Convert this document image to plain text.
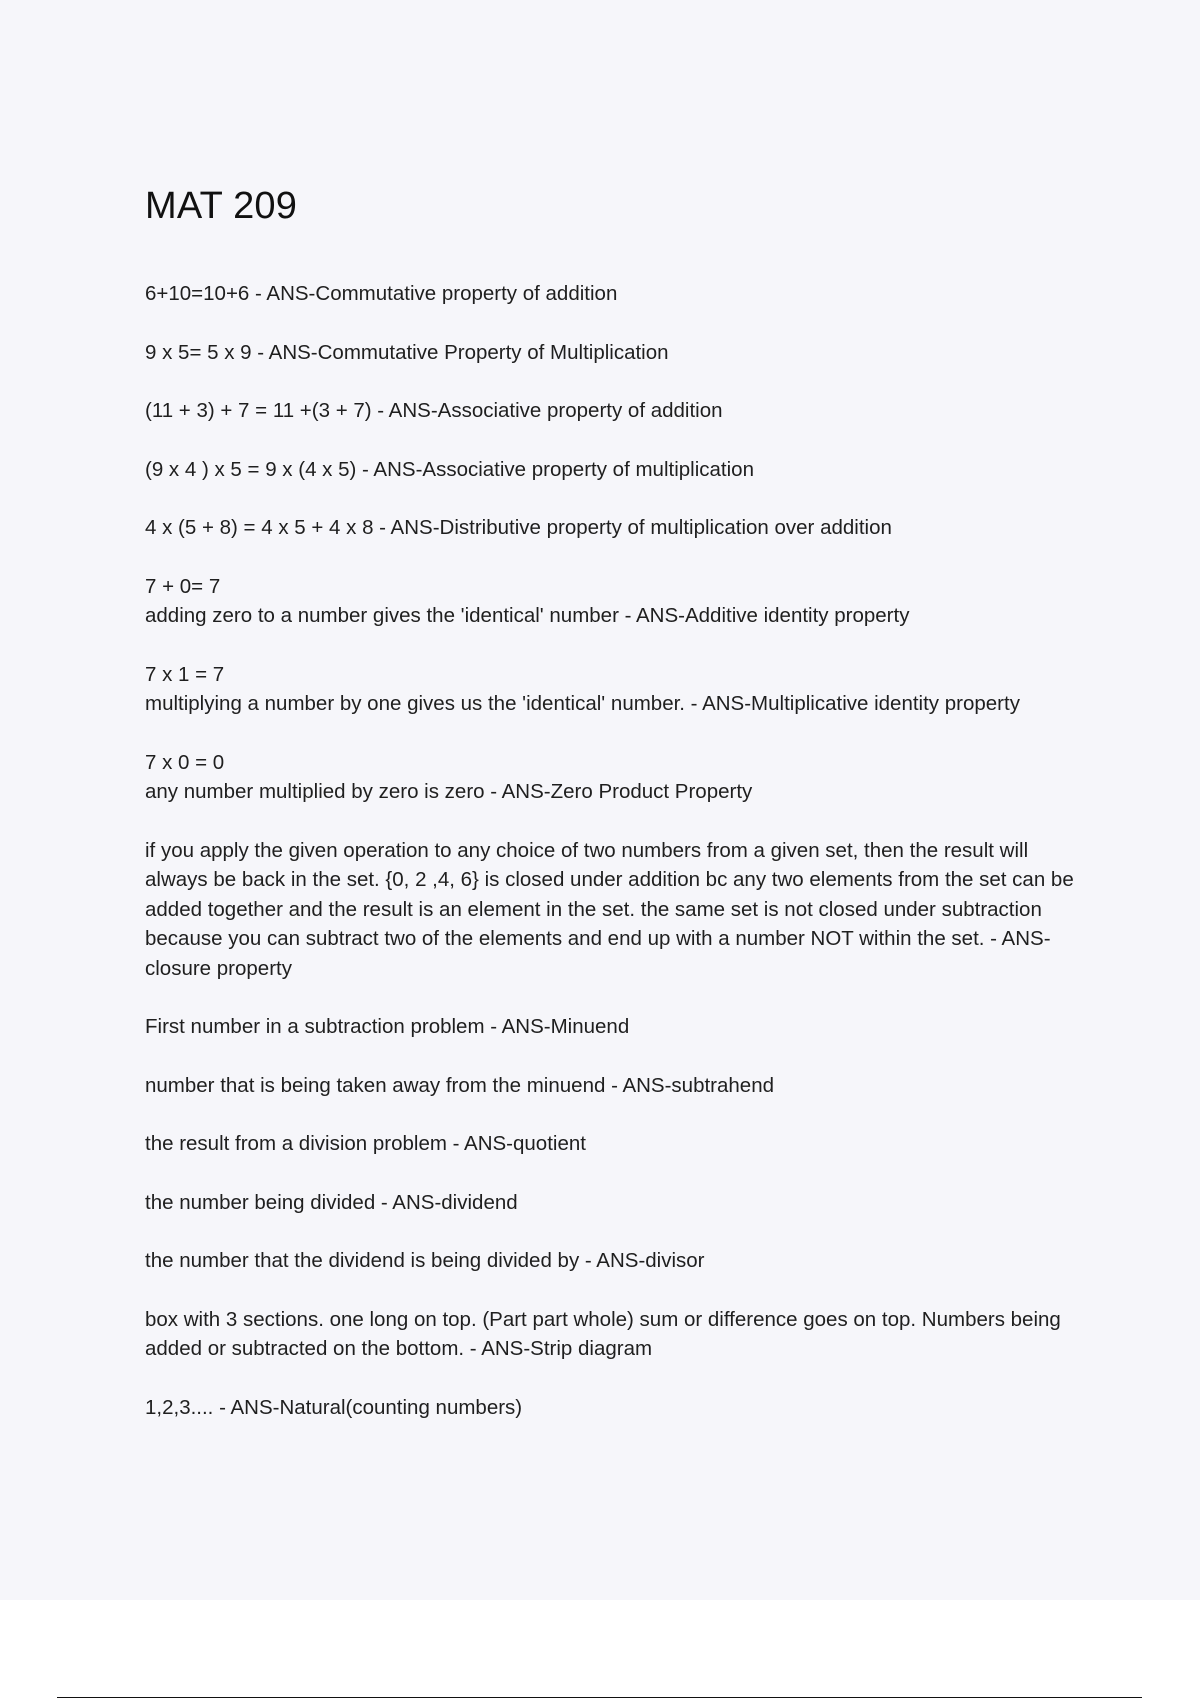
MAT 209
6+10=10+6 - ANS-Commutative property of addition
9 x 5= 5 x 9 - ANS-Commutative Property of Multiplication
(11 + 3) + 7 = 11 +(3 + 7) - ANS-Associative property of addition
(9 x 4 ) x 5 = 9 x (4 x 5) - ANS-Associative property of multiplication
4 x (5 + 8) = 4 x 5 + 4 x 8 - ANS-Distributive property of multiplication over addition
7 + 0= 7
adding zero to a number gives the 'identical' number - ANS-Additive identity property
7 x 1 = 7
multiplying a number by one gives us the 'identical' number. - ANS-Multiplicative identity property
7 x 0 = 0
any number multiplied by zero is zero - ANS-Zero Product Property
if you apply the given operation to any choice of two numbers from a given set, then the result will always be back in the set. {0, 2 ,4, 6} is closed under addition bc any two elements from the set can be added together and the result is an element in the set. the same set is not closed under subtraction because you can subtract two of the elements and end up with a number NOT within the set. - ANS-closure property
First number in a subtraction problem - ANS-Minuend
number that is being taken away from the minuend - ANS-subtrahend
the result from a division problem - ANS-quotient
the number being divided - ANS-dividend
the number that the dividend is being divided by - ANS-divisor
box with 3 sections. one long on top. (Part part whole) sum or difference goes on top. Numbers being added or subtracted on the bottom. - ANS-Strip diagram
1,2,3.... - ANS-Natural(counting numbers)
